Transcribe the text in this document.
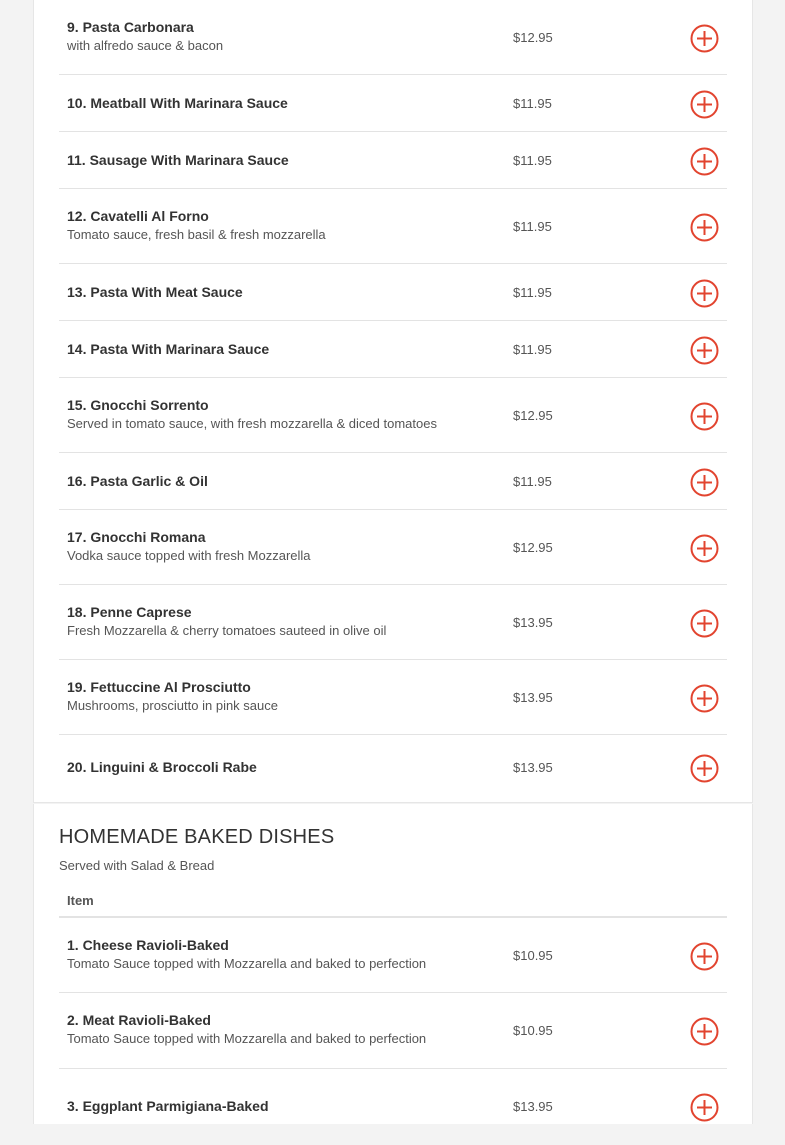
9. Pasta Carbonara
with alfredo sauce & bacon
$12.95
10. Meatball With Marinara Sauce	$11.95
11. Sausage With Marinara Sauce	$11.95
12. Cavatelli Al Forno
Tomato sauce, fresh basil & fresh mozzarella
$11.95
13. Pasta With Meat Sauce	$11.95
14. Pasta With Marinara Sauce	$11.95
15. Gnocchi Sorrento
Served in tomato sauce, with fresh mozzarella & diced tomatoes
$12.95
16. Pasta Garlic & Oil	$11.95
17. Gnocchi Romana
Vodka sauce topped with fresh Mozzarella
$12.95
18. Penne Caprese
Fresh Mozzarella & cherry tomatoes sauteed in olive oil
$13.95
19. Fettuccine Al Prosciutto
Mushrooms, prosciutto in pink sauce
$13.95
20. Linguini & Broccoli Rabe	$13.95
HOMEMADE BAKED DISHES
Served with Salad & Bread
Item
1. Cheese Ravioli-Baked
Tomato Sauce topped with Mozzarella and baked to perfection
$10.95
2. Meat Ravioli-Baked
Tomato Sauce topped with Mozzarella and baked to perfection
$10.95
3. Eggplant Parmigiana-Baked	$13.95
